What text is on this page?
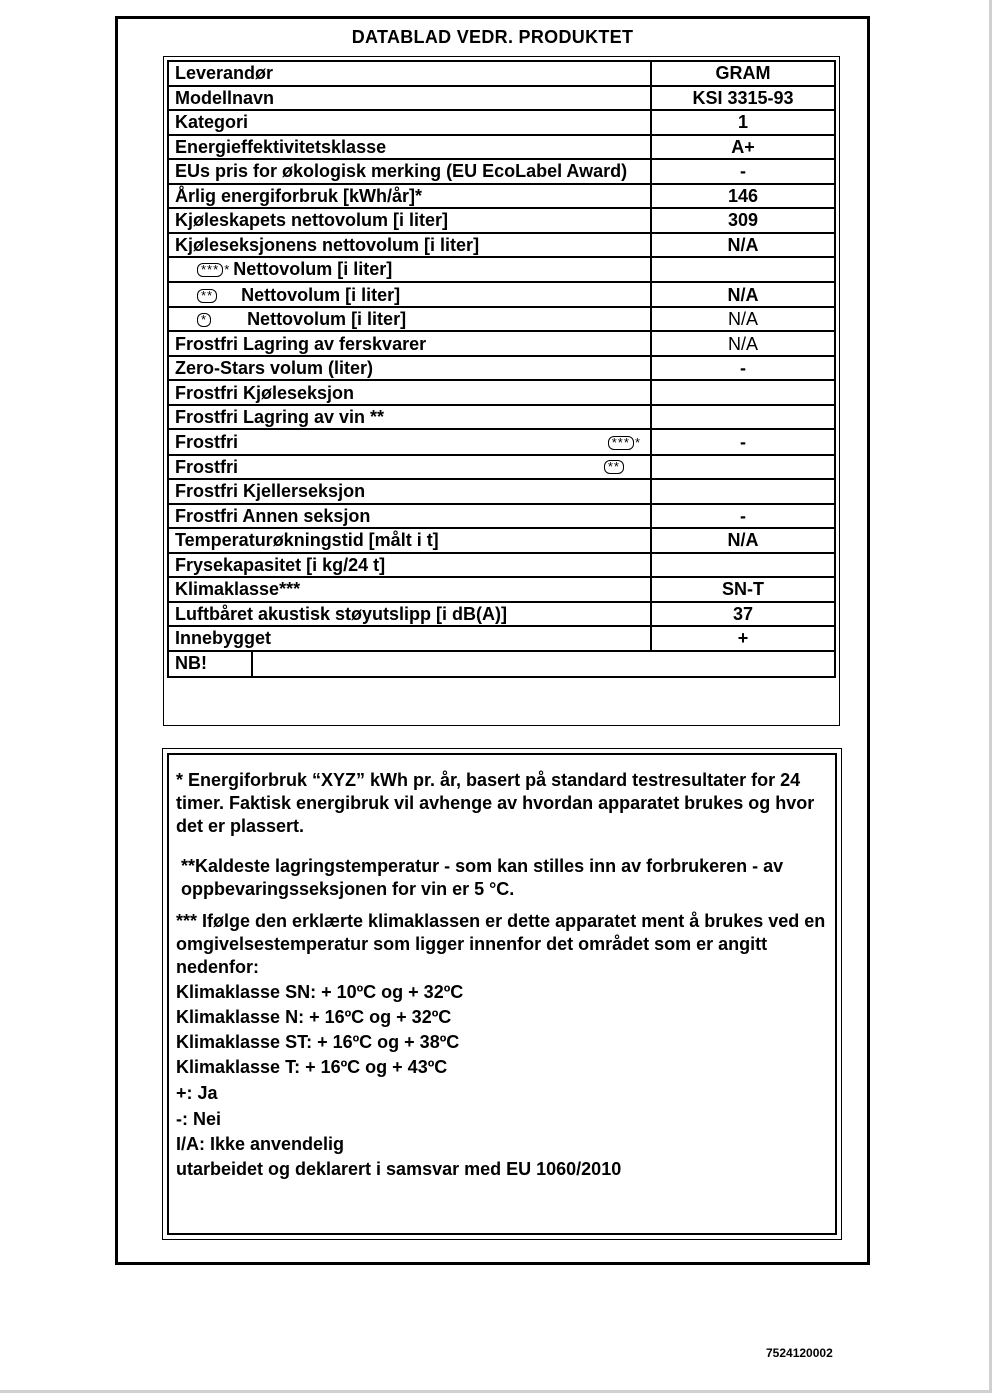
DATABLAD VEDR. PRODUKTET
Leverandør	GRAM
Modellnavn	KSI 3315-93
Kategori	1
Energieffektivitetsklasse	A+
EUs pris for økologisk merking (EU EcoLabel Award)	-
Årlig energiforbruk [kWh/år]*	146
Kjøleskapets nettovolum [i liter]	309
Kjøleseksjonens nettovolum [i liter]	N/A
*** * Nettovolum [i liter]	
** Nettovolum [i liter]	N/A
* Nettovolum [i liter]	N/A
Frostfri Lagring av ferskvarer	N/A
Zero-Stars volum (liter)	-
Frostfri Kjøleseksjon	
Frostfri Lagring av vin **	

Frostfri *** *	-

Frostfri **	

Frostfri Kjellerseksjon	
Frostfri Annen seksjon	-
Temperaturøkningstid [målt i t]	N/A
Frysekapasitet [i kg/24 t]	
Klimaklasse***	SN-T
Luftbåret akustisk støyutslipp [i dB(A)]	37
Innebygget	+

NB!	

* Energiforbruk “XYZ” kWh pr. år, basert på standard testresultater for 24 timer. Faktisk energibruk vil avhenge av hvordan apparatet brukes og hvor det er plassert.

**Kaldeste lagringstemperatur - som kan stilles inn av forbrukeren - av oppbevaringsseksjonen for vin er 5 °C.

*** Ifølge den erklærte klimaklassen er dette apparatet ment å brukes ved en omgivelsestemperatur som ligger innenfor det området som er angitt nedenfor:

Klimaklasse SN: + 10ºC og + 32ºC

Klimaklasse N: + 16ºC og + 32ºC

Klimaklasse ST: + 16ºC og + 38ºC

Klimaklasse T: + 16ºC og + 43ºC

+: Ja

-: Nei

I/A: Ikke anvendelig

utarbeidet og deklarert i samsvar med EU 1060/2010

7524120002
